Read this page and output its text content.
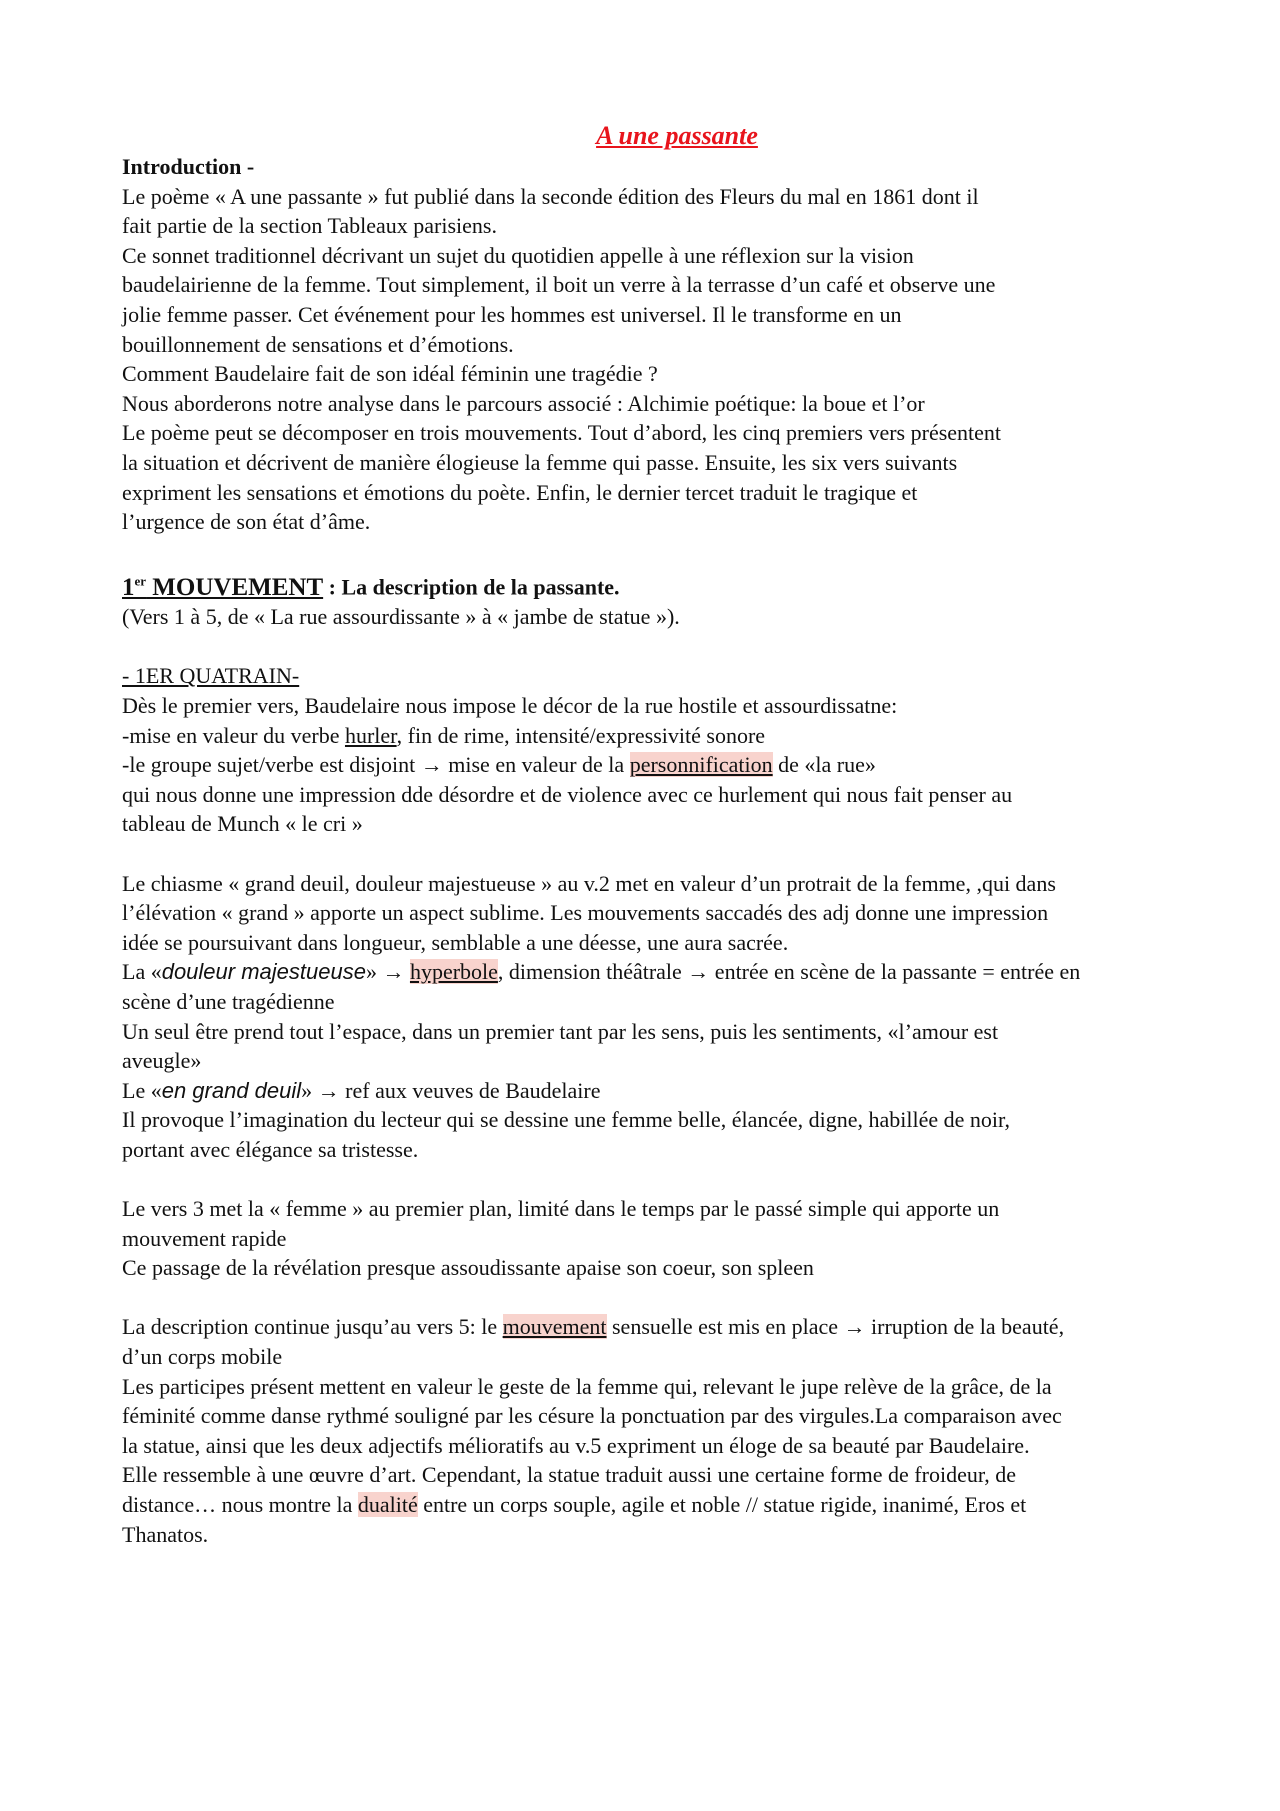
A une passante

Introduction -

Le poème « A une passante » fut publié dans la seconde édition des Fleurs du mal en 1861 dont il

fait partie de la section Tableaux parisiens.

Ce sonnet traditionnel décrivant un sujet du quotidien appelle à une réflexion sur la vision

baudelairienne de la femme. Tout simplement, il boit un verre à la terrasse d’un café et observe une

jolie femme passer. Cet événement pour les hommes est universel. Il le transforme en un

bouillonnement de sensations et d’émotions.

Comment Baudelaire fait de son idéal féminin une tragédie ?

Nous aborderons notre analyse dans le parcours associé : Alchimie poétique: la boue et l’or

Le poème peut se décomposer en trois mouvements. Tout d’abord, les cinq premiers vers présentent

la situation et décrivent de manière élogieuse la femme qui passe. Ensuite, les six vers suivants

expriment les sensations et émotions du poète. Enfin, le dernier tercet traduit le tragique et

l’urgence de son état d’âme.

1er MOUVEMENT : La description de la passante.

(Vers 1 à 5, de « La rue assourdissante » à « jambe de statue »).

- 1ER QUATRAIN-

Dès le premier vers, Baudelaire nous impose le décor de la rue hostile et assourdissatne:

-mise en valeur du verbe hurler, fin de rime, intensité/expressivité sonore

-le groupe sujet/verbe est disjoint → mise en valeur de la personnification de «la rue»

qui nous donne une impression dde désordre et de violence avec ce hurlement qui nous fait penser au

tableau de Munch « le cri »

Le chiasme « grand deuil, douleur majestueuse » au v.2 met en valeur d’un protrait de la femme, ,qui dans

l’élévation « grand » apporte un aspect sublime. Les mouvements saccadés des adj donne une impression

idée se poursuivant dans longueur, semblable a une déesse, une aura sacrée.

La «douleur majestueuse» → hyperbole, dimension théâtrale → entrée en scène de la passante = entrée en

scène d’une tragédienne

Un seul être prend tout l’espace, dans un premier tant par les sens, puis les sentiments, «l’amour est

aveugle»

Le «en grand deuil» → ref aux veuves de Baudelaire

Il provoque l’imagination du lecteur qui se dessine une femme belle, élancée, digne, habillée de noir,

portant avec élégance sa tristesse.

Le vers 3 met la « femme » au premier plan, limité dans le temps par le passé simple qui apporte un

mouvement rapide

Ce passage de la révélation presque assoudissante apaise son coeur, son spleen

La description continue jusqu’au vers 5: le mouvement sensuelle est mis en place → irruption de la beauté,

d’un corps mobile

Les participes présent mettent en valeur le geste de la femme qui, relevant le jupe relève de la grâce, de la

féminité comme danse rythmé souligné par les césure la ponctuation par des virgules.La comparaison avec

la statue, ainsi que les deux adjectifs mélioratifs au v.5 expriment un éloge de sa beauté par Baudelaire.

Elle ressemble à une œuvre d’art. Cependant, la statue traduit aussi une certaine forme de froideur, de

distance… nous montre la dualité entre un corps souple, agile et noble // statue rigide, inanimé, Eros et

Thanatos.
